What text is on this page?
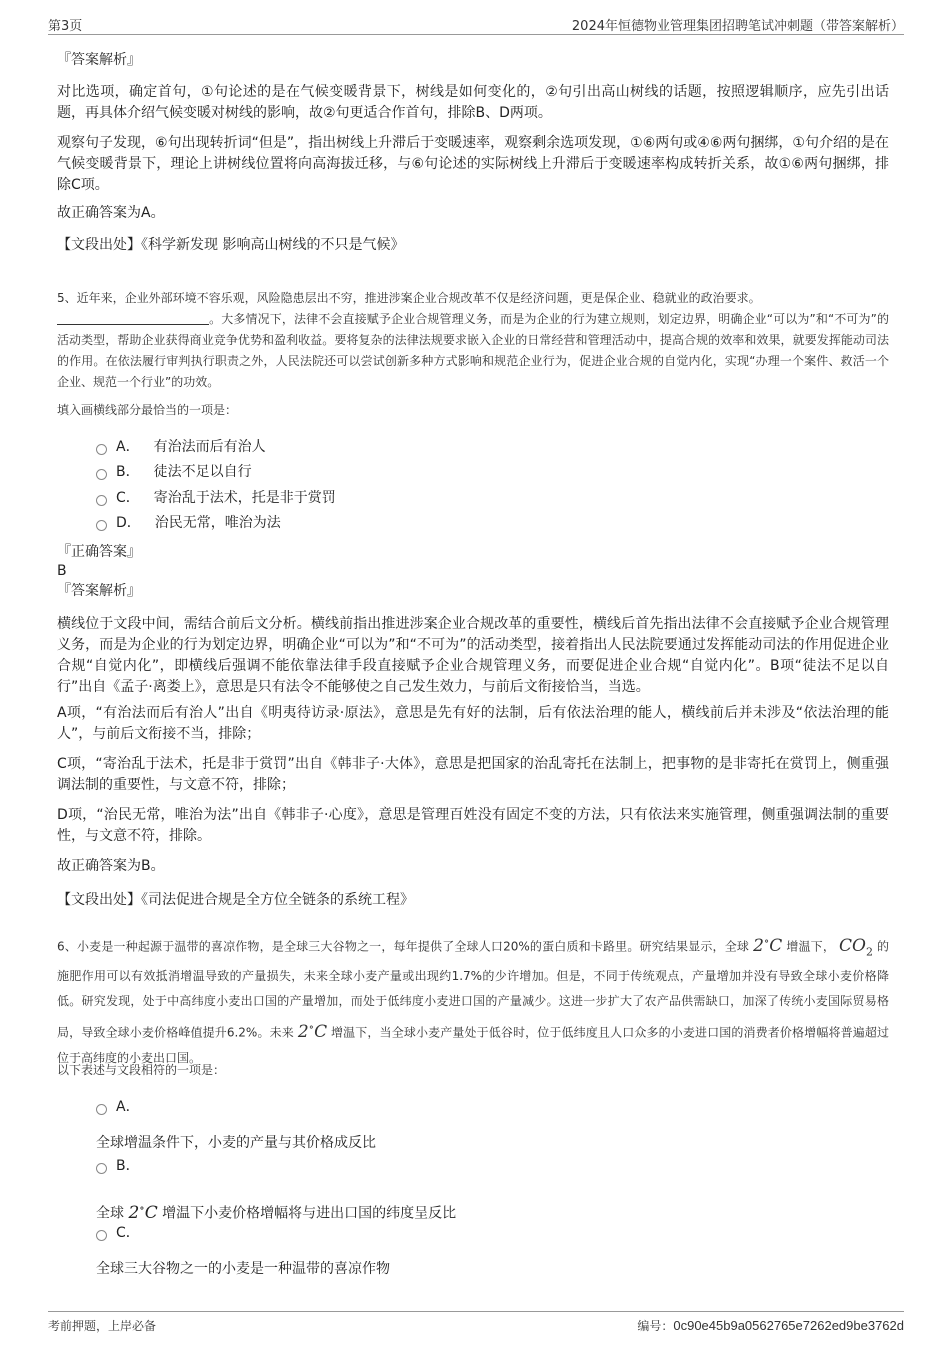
第3页	2024年恒德物业管理集团招聘笔试冲刺题（带答案解析）
『答案解析』

对比选项，确定首句，①句论述的是在气候变暖背景下，树线是如何变化的，②句引出高山树线的话题，按照逻辑顺序，应先引出话题，再具体介绍气候变暖对树线的影响，故②句更适合作首句，排除B、D两项。

观察句子发现，⑥句出现转折词“但是”，指出树线上升滞后于变暖速率，观察剩余选项发现，①⑥两句或④⑥两句捆绑，①句介绍的是在气候变暖背景下，理论上讲树线位置将向高海拔迁移，与⑥句论述的实际树线上升滞后于变暖速率构成转折关系，故①⑥两句捆绑，排除C项。

故正确答案为A。

【文段出处】《科学新发现 影响高山树线的不只是气候》

5、近年来，企业外部环境不容乐观，风险隐患层出不穷，推进涉案企业合规改革不仅是经济问题，更是保企业、稳就业的政治要求。
。大多情况下，法律不会直接赋予企业合规管理义务，而是为企业的行为建立规则，划定边界，明确企业“可以为”和“不可为”的活动类型，帮助企业获得商业竞争优势和盈利收益。要将复杂的法律法规要求嵌入企业的日常经营和管理活动中，提高合规的效率和效果，就要发挥能动司法的作用。在依法履行审判执行职责之外，人民法院还可以尝试创新多种方式影响和规范企业行为，促进企业合规的自觉内化，实现“办理一个案件、救活一个企业、规范一个行业”的功效。

填入画横线部分最恰当的一项是：

A． 有治法而后有治人
B． 徒法不足以自行
C． 寄治乱于法术，托是非于赏罚
D． 治民无常，唯治为法
『正确答案』
B
『答案解析』

横线位于文段中间，需结合前后文分析。横线前指出推进涉案企业合规改革的重要性，横线后首先指出法律不会直接赋予企业合规管理义务，而是为企业的行为划定边界，明确企业“可以为”和“不可为”的活动类型，接着指出人民法院要通过发挥能动司法的作用促进企业合规“自觉内化”，即横线后强调不能依靠法律手段直接赋予企业合规管理义务，而要促进企业合规“自觉内化”。B项“徒法不足以自行”出自《孟子·离娄上》，意思是只有法令不能够使之自己发生效力，与前后文衔接恰当，当选。

A项，“有治法而后有治人”出自《明夷待访录·原法》，意思是先有好的法制，后有依法治理的能人，横线前后并未涉及“依法治理的能人”，与前后文衔接不当，排除；

C项，“寄治乱于法术，托是非于赏罚”出自《韩非子·大体》，意思是把国家的治乱寄托在法制上，把事物的是非寄托在赏罚上，侧重强调法制的重要性，与文意不符，排除；

D项，“治民无常，唯治为法”出自《韩非子·心度》，意思是管理百姓没有固定不变的方法，只有依法来实施管理，侧重强调法制的重要性，与文意不符，排除。

故正确答案为B。

【文段出处】《司法促进合规是全方位全链条的系统工程》

6、小麦是一种起源于温带的喜凉作物，是全球三大谷物之一，每年提供了全球人口20%的蛋白质和卡路里。研究结果显示，全球 2∘C 增温下， $CO_2$ 的施肥作用可以有效抵消增温导致的产量损失，未来全球小麦产量或出现约1.7%的少许增加。但是，不同于传统观点，产量增加并没有导致全球小麦价格降低。研究发现，处于中高纬度小麦出口国的产量增加，而处于低纬度小麦进口国的产量减少。这进一步扩大了农产品供需缺口，加深了传统小麦国际贸易格局，导致全球小麦价格峰值提升6.2%。未来 2∘C 增温下，当全球小麦产量处于低谷时，位于低纬度且人口众多的小麦进口国的消费者价格增幅将普遍超过位于高纬度的小麦出口国。

以下表述与文段相符的一项是：

A．
全球增温条件下，小麦的产量与其价格成反比
B．
全球 2∘C 增温下小麦价格增幅将与进出口国的纬度呈反比
C．
全球三大谷物之一的小麦是一种温带的喜凉作物
考前押题，上岸必备	编号：0c90e45b9a0562765e7262ed9be3762d
